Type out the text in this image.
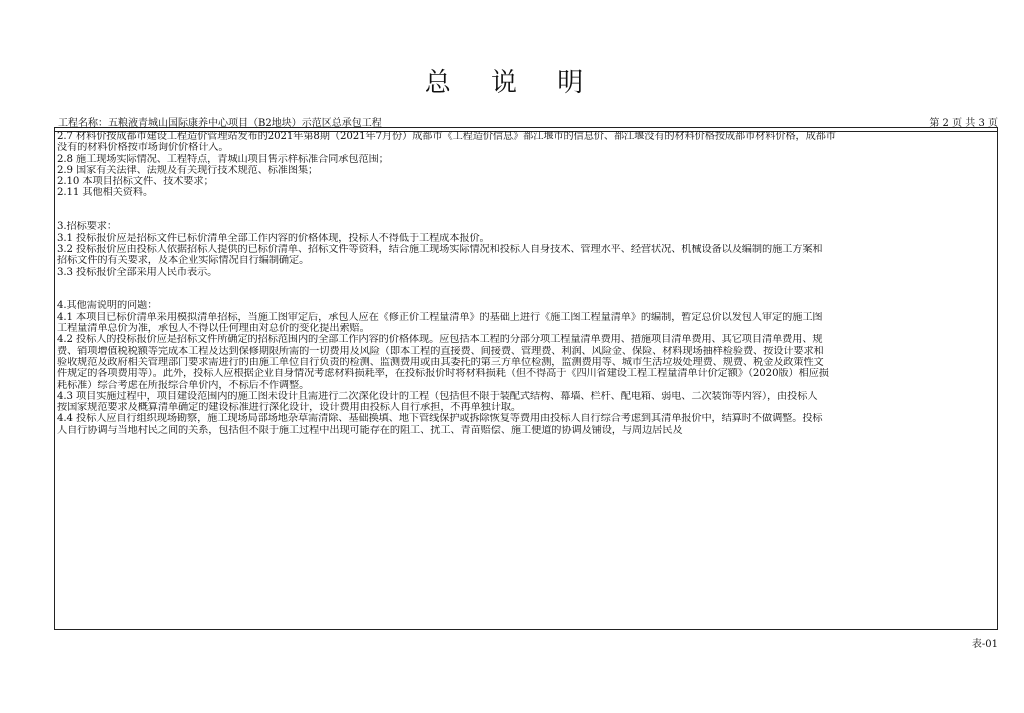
总 说 明
工程名称：五粮液青城山国际康养中心项目（B2地块）示范区总承包工程	第 2 页 共 3 页
2.7 材料价按成都市建设工程造价管理站发布的2021年第8期（2021年7月份）成都市《工程造价信息》都江堰市的信息价、都江堰没有的材料价格按成都市材料价格，成都市
没有的材料价格按市场询价价格计入。
2.8 施工现场实际情况、工程特点，青城山项目售示样标准合同承包范围；
2.9 国家有关法律、法规及有关现行技术规范、标准图集；
2.10 本项目招标文件、技术要求；
2.11 其他相关资料。
3.招标要求：
3.1 投标报价应是招标文件已标价清单全部工作内容的价格体现，投标人不得低于工程成本报价。
3.2 投标报价应由投标人依据招标人提供的已标价清单、招标文件等资料，结合施工现场实际情况和投标人自身技术、管理水平、经营状况、机械设备以及编制的施工方案和
招标文件的有关要求，及本企业实际情况自行编制确定。
3.3 投标报价全部采用人民币表示。
4.其他需说明的问题：
4.1 本项目已标价清单采用模拟清单招标，当施工图审定后，承包人应在《修正价工程量清单》的基础上进行《施工图工程量清单》的编制，暂定总价以发包人审定的施工图
工程量清单总价为准，承包人不得以任何理由对总价的变化提出索赔。
4.2 投标人的投标报价应是招标文件所确定的招标范围内的全部工作内容的价格体现。应包括本工程的分部分项工程量清单费用、措施项目清单费用、其它项目清单费用、规
费、销项增值税税额等完成本工程及达到保修期限所需的一切费用及风险（即本工程的直接费、间接费、管理费、利润、风险金、保险、材料现场抽样检验费、按设计要求和
验收规范及政府相关管理部门要求需进行的由施工单位自行负责的检测、监测费用或由其委托的第三方单位检测，监测费用等、城市生活垃圾处理费、规费、税金及政策性文
件规定的各项费用等）。此外，投标人应根据企业自身情况考虑材料损耗率，在投标报价时将材料损耗（但不得高于《四川省建设工程工程量清单计价定额》（2020版）相应损
耗标准）综合考虑在所报综合单价内，不标后不作调整。
4.3 项目实施过程中，项目建设范围内的施工图未设计且需进行二次深化设计的工程（包括但不限于装配式结构、幕墙、栏杆、配电箱、弱电、二次装饰等内容），由投标人
按国家规范要求及概算清单确定的建设标准进行深化设计，设计费用由投标人自行承担，不再单独计取。
4.4 投标人应自行组织现场勘察，施工现场局部场地杂草需清除、基础换填、地下管线保护或拆除恢复等费用由投标人自行综合考虑到其清单报价中，结算时不做调整。投标
人自行协调与当地村民之间的关系，包括但不限于施工过程中出现可能存在的阻工、扰工、青苗赔偿、施工便道的协调及铺设，与周边居民及
表-01
